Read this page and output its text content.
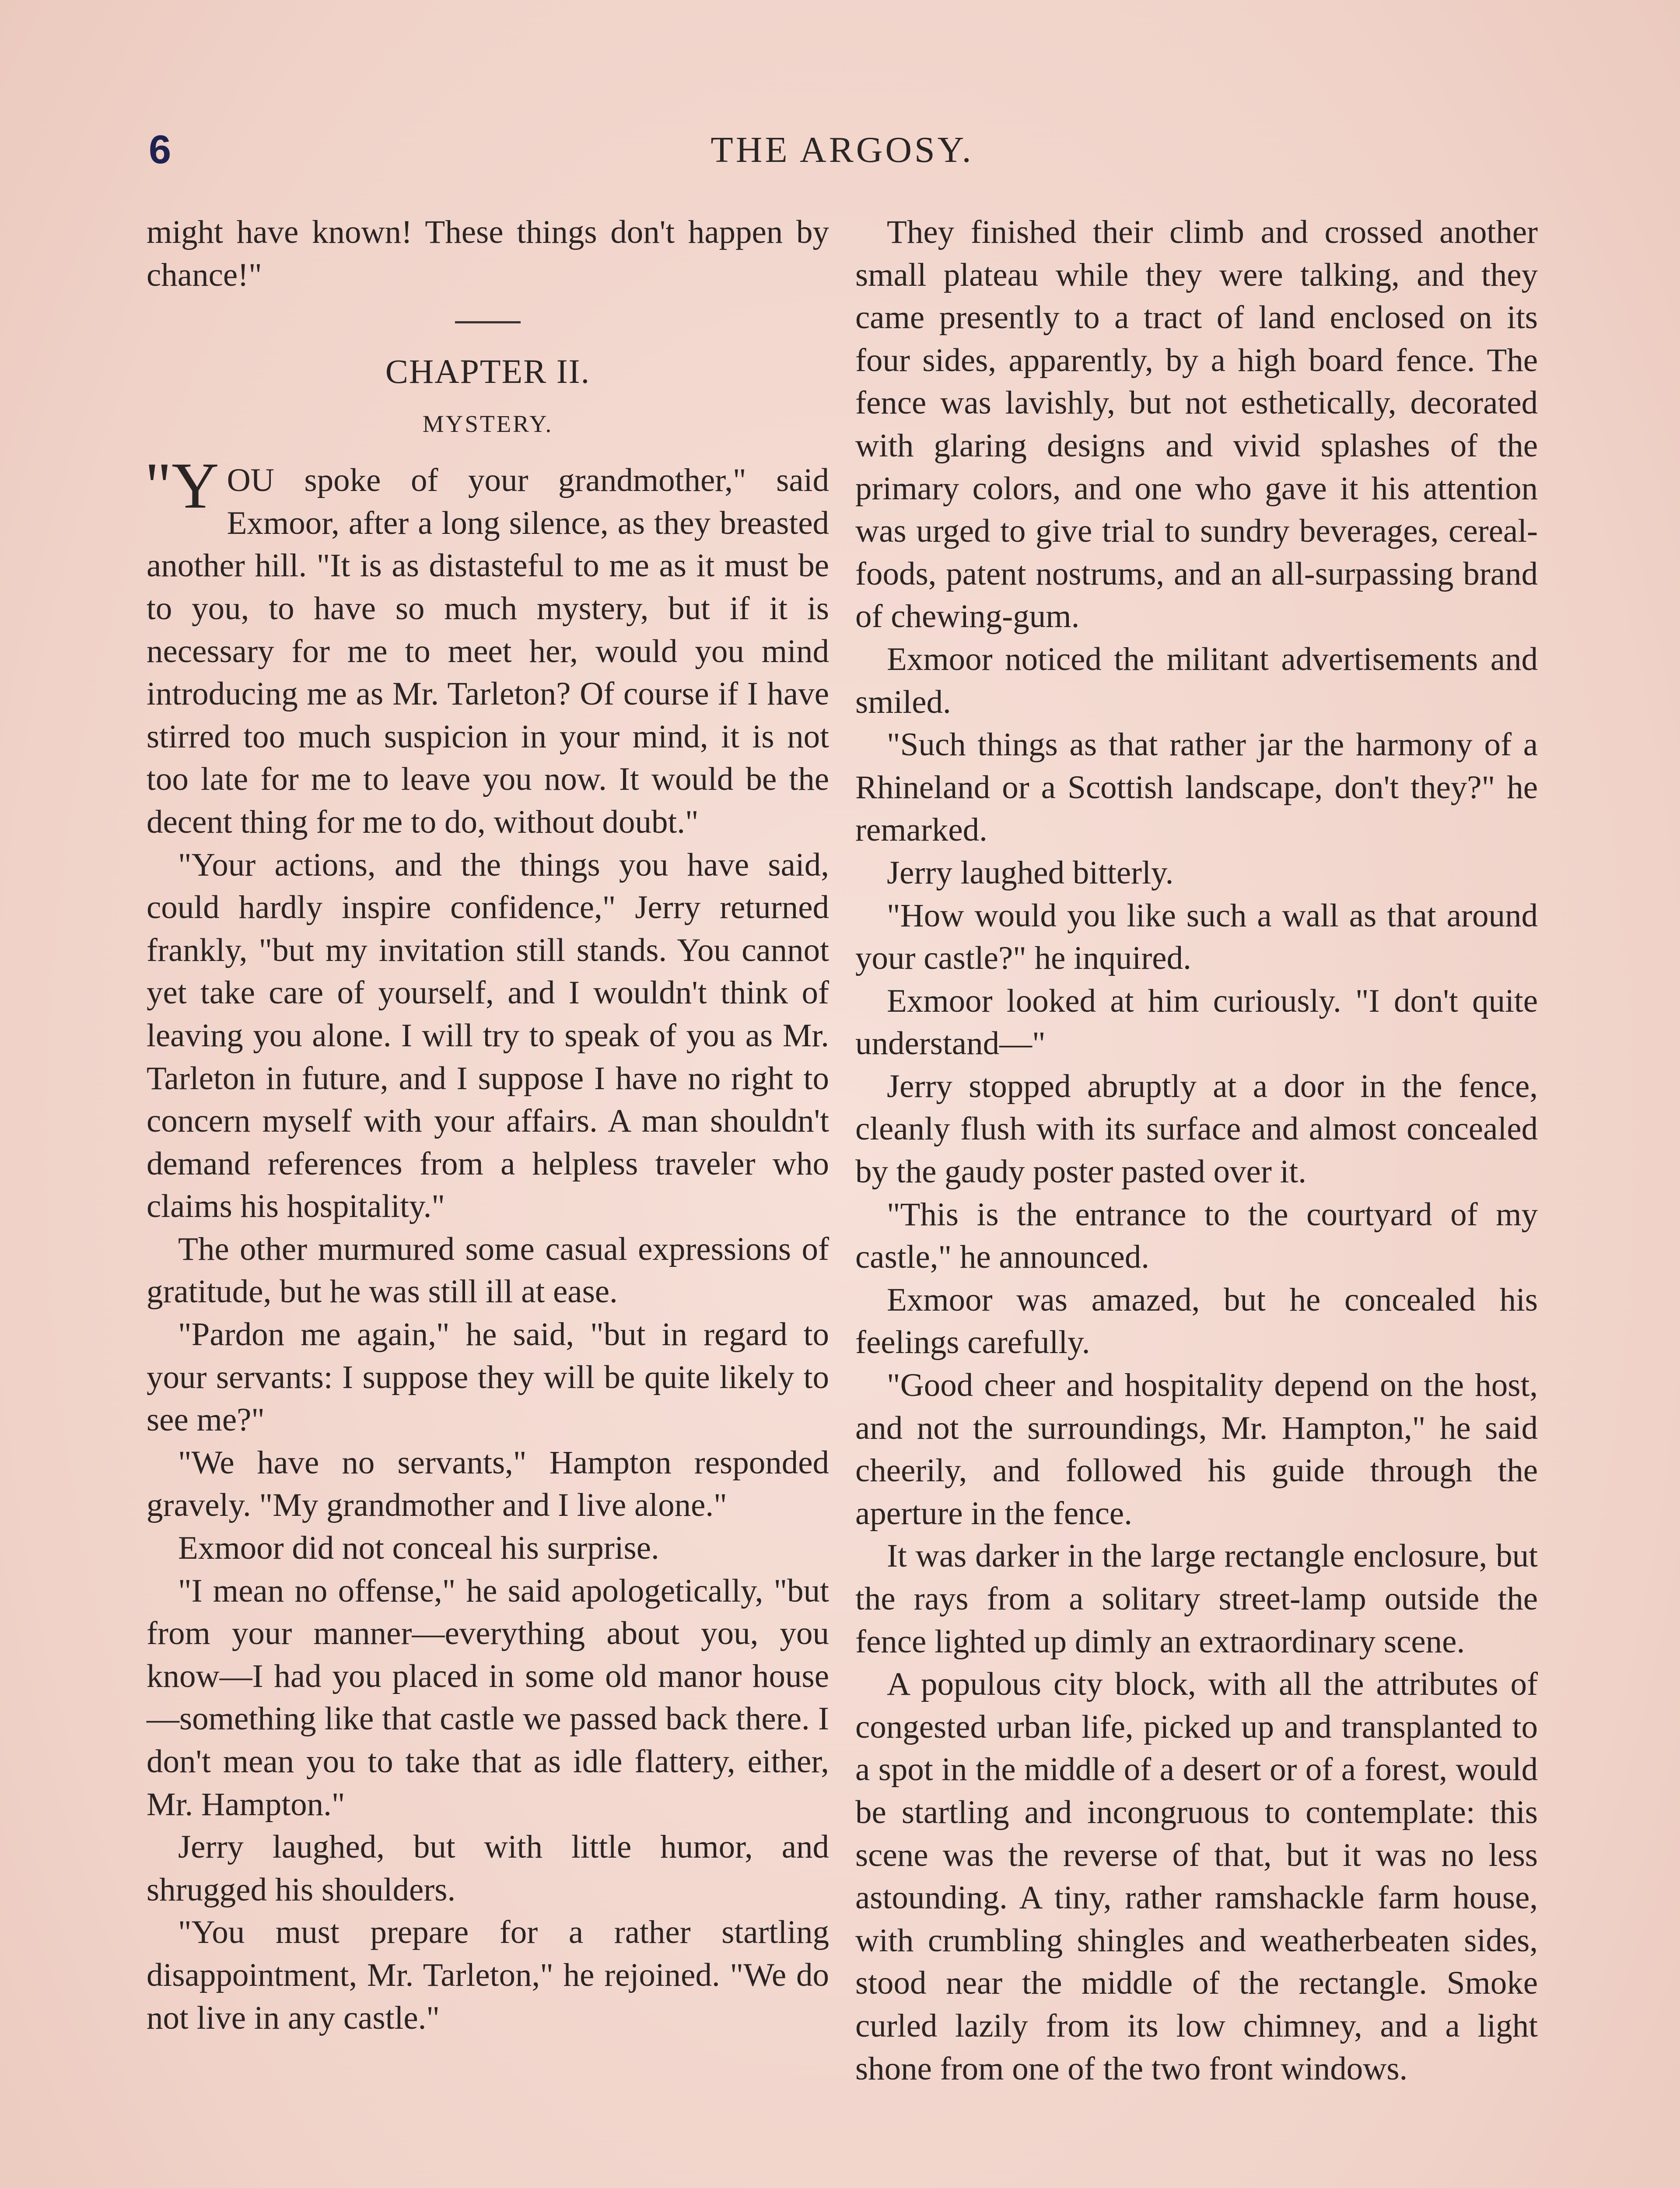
6	THE ARGOSY.

might have known! These things don't happen by chance!"

CHAPTER II.
MYSTERY.

"YOU spoke of your grandmother," said Exmoor, after a long silence, as they breasted another hill. "It is as distasteful to me as it must be to you, to have so much mystery, but if it is necessary for me to meet her, would you mind introducing me as Mr. Tarleton? Of course if I have stirred too much suspicion in your mind, it is not too late for me to leave you now. It would be the decent thing for me to do, without doubt."

"Your actions, and the things you have said, could hardly inspire confidence," Jerry returned frankly, "but my invitation still stands. You cannot yet take care of yourself, and I wouldn't think of leaving you alone. I will try to speak of you as Mr. Tarleton in future, and I suppose I have no right to concern myself with your affairs. A man shouldn't demand references from a helpless traveler who claims his hospitality."

The other murmured some casual expressions of gratitude, but he was still ill at ease.

"Pardon me again," he said, "but in regard to your servants: I suppose they will be quite likely to see me?"

"We have no servants," Hampton responded gravely. "My grandmother and I live alone."

Exmoor did not conceal his surprise.

"I mean no offense," he said apologetically, "but from your manner—everything about you, you know—I had you placed in some old manor house—something like that castle we passed back there. I don't mean you to take that as idle flattery, either, Mr. Hampton."

Jerry laughed, but with little humor, and shrugged his shoulders.

"You must prepare for a rather startling disappointment, Mr. Tarleton," he rejoined. "We do not live in any castle."

They finished their climb and crossed another small plateau while they were talking, and they came presently to a tract of land enclosed on its four sides, apparently, by a high board fence. The fence was lavishly, but not esthetically, decorated with glaring designs and vivid splashes of the primary colors, and one who gave it his attention was urged to give trial to sundry beverages, cereal-foods, patent nostrums, and an all-surpassing brand of chewing-gum.

Exmoor noticed the militant advertisements and smiled.

"Such things as that rather jar the harmony of a Rhineland or a Scottish landscape, don't they?" he remarked.

Jerry laughed bitterly.

"How would you like such a wall as that around your castle?" he inquired.

Exmoor looked at him curiously. "I don't quite understand—"

Jerry stopped abruptly at a door in the fence, cleanly flush with its surface and almost concealed by the gaudy poster pasted over it.

"This is the entrance to the courtyard of my castle," he announced.

Exmoor was amazed, but he concealed his feelings carefully.

"Good cheer and hospitality depend on the host, and not the surroundings, Mr. Hampton," he said cheerily, and followed his guide through the aperture in the fence.

It was darker in the large rectangle enclosure, but the rays from a solitary street-lamp outside the fence lighted up dimly an extraordinary scene.

A populous city block, with all the attributes of congested urban life, picked up and transplanted to a spot in the middle of a desert or of a forest, would be startling and incongruous to contemplate: this scene was the reverse of that, but it was no less astounding. A tiny, rather ramshackle farm house, with crumbling shingles and weatherbeaten sides, stood near the middle of the rectangle. Smoke curled lazily from its low chimney, and a light shone from one of the two front windows.
